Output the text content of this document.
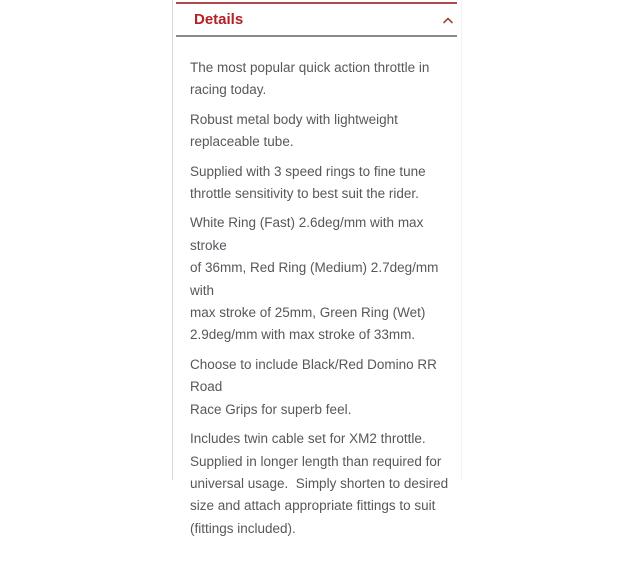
Details

The most popular quick action throttle in
racing today.

Robust metal body with lightweight
replaceable tube.

Supplied with 3 speed rings to fine tune
throttle sensitivity to best suit the rider.

White Ring (Fast) 2.6deg/mm with max stroke
of 36mm, Red Ring (Medium) 2.7deg/mm with
max stroke of 25mm, Green Ring (Wet)
2.9deg/mm with max stroke of 33mm.

Choose to include Black/Red Domino RR Road
Race Grips for superb feel.

Includes twin cable set for XM2 throttle.
Supplied in longer length than required for
universal usage.  Simply shorten to desired
size and attach appropriate fittings to suit
(fittings included).
